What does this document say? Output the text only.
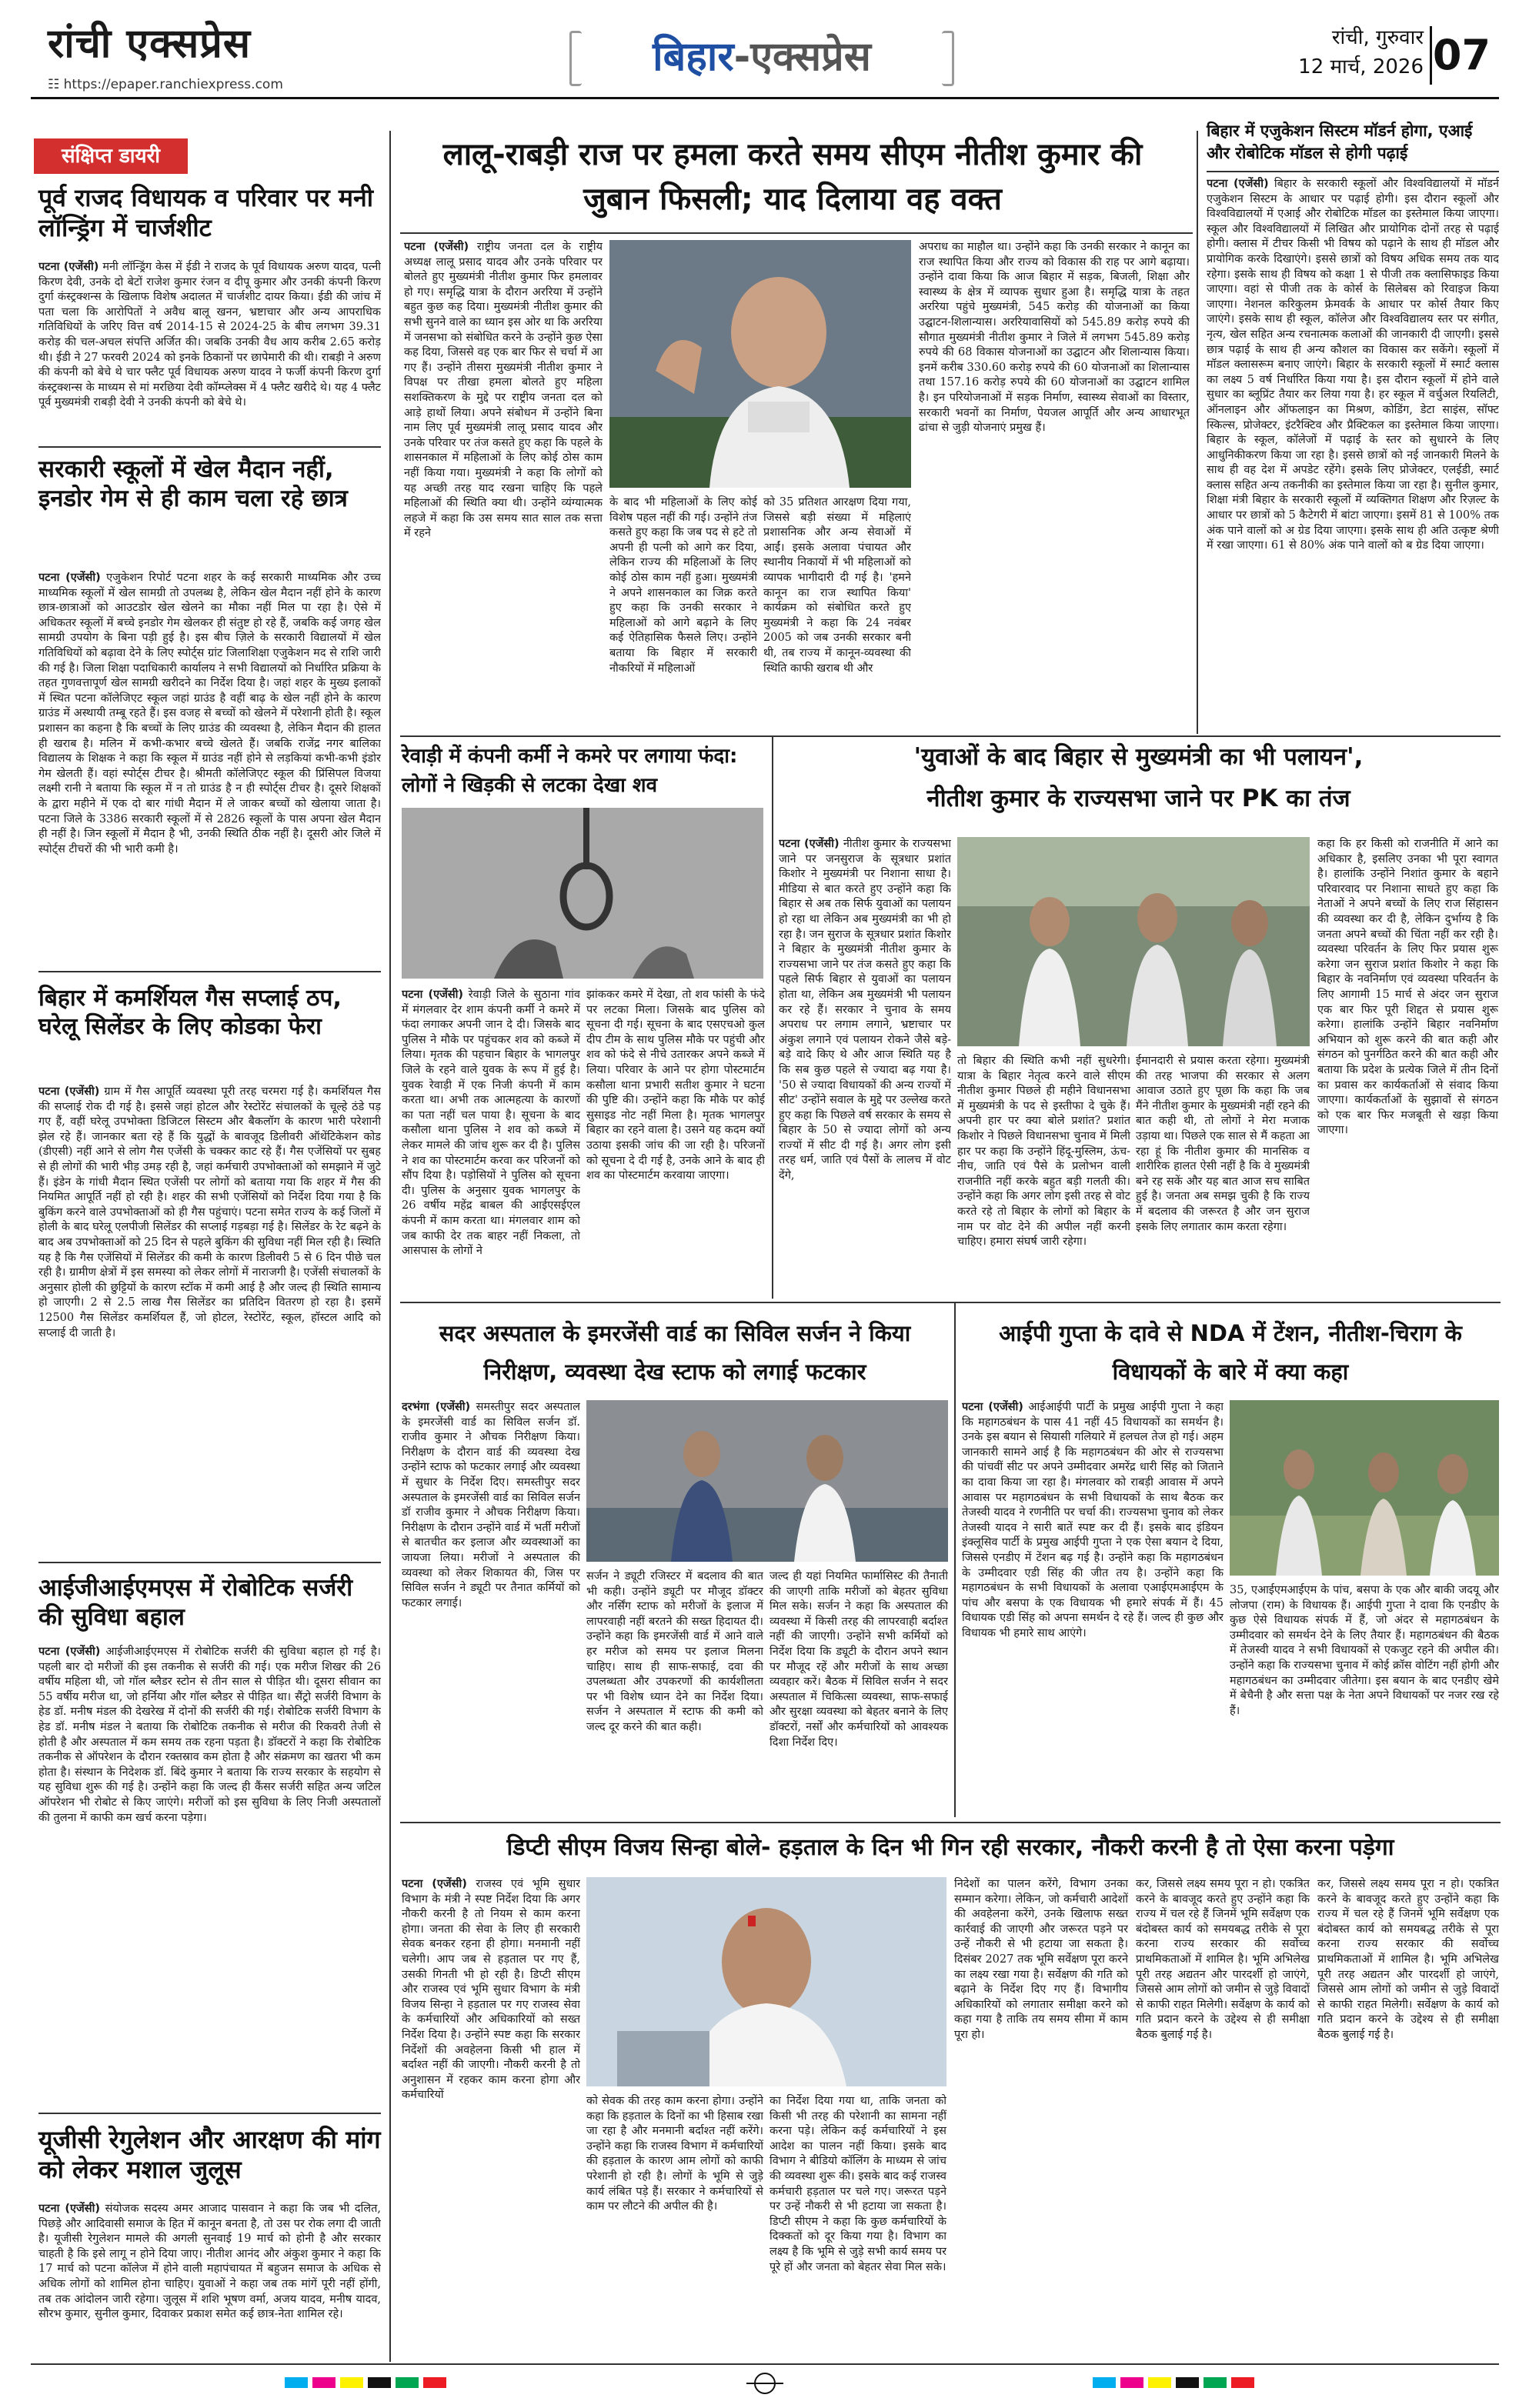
रांची एक्सप्रेस
☷ https://epaper.ranchiexpress.com
बिहार-एक्सप्रेस	रांची, गुरुवार
12 मार्च, 2026 07
संक्षिप्त डायरी
पूर्व राजद विधायक व परिवार पर मनी लॉन्ड्रिंग में चार्जशीट
पटना (एजेंसी) मनी लॉन्ड्रिंग केस में ईडी ने राजद के पूर्व विधायक अरुण यादव, पत्नी किरण देवी, उनके दो बेटों राजेश कुमार रंजन व दीपू कुमार और उनकी कंपनी किरण दुर्गा कंस्ट्रक्शन्स के खिलाफ विशेष अदालत में चार्जशीट दायर किया। ईडी की जांच में पता चला कि आरोपितों ने अवैध बालू खनन, भ्रष्टाचार और अन्य आपराधिक गतिविधियों के जरिए वित्त वर्ष 2014-15 से 2024-25 के बीच लगभग 39.31 करोड़ की चल-अचल संपत्ति अर्जित की। जबकि उनकी वैध आय करीब 2.65 करोड़ थी। ईडी ने 27 फरवरी 2024 को इनके ठिकानों पर छापेमारी की थी। राबड़ी ने अरुण की कंपनी को बेचे थे चार फ्लैट पूर्व विधायक अरुण यादव ने फर्जी कंपनी किरण दुर्गा कंस्ट्रक्शन्स के माध्यम से मां मरछिया देवी कॉम्प्लेक्स में 4 फ्लैट खरीदे थे। यह 4 फ्लैट पूर्व मुख्यमंत्री राबड़ी देवी ने उनकी कंपनी को बेचे थे।
सरकारी स्कूलों में खेल मैदान नहीं, इनडोर गेम से ही काम चला रहे छात्र
पटना (एजेंसी) एजुकेशन रिपोर्ट पटना शहर के कई सरकारी माध्यमिक और उच्च माध्यमिक स्कूलों में खेल सामग्री तो उपलब्ध है, लेकिन खेल मैदान नहीं होने के कारण छात्र-छात्राओं को आउटडोर खेल खेलने का मौका नहीं मिल पा रहा है। ऐसे में अधिकतर स्कूलों में बच्चे इनडोर गेम खेलकर ही संतुष्ट हो रहे हैं, जबकि कई जगह खेल सामग्री उपयोग के बिना पड़ी हुई है। इस बीच ज़िले के सरकारी विद्यालयों में खेल गतिविधियों को बढ़ावा देने के लिए स्पोर्ट्स ग्रांट जिलाशिक्षा एजुकेशन मद से राशि जारी की गई है। जिला शिक्षा पदाधिकारी कार्यालय ने सभी विद्यालयों को निर्धारित प्रक्रिया के तहत गुणवत्तापूर्ण खेल सामग्री खरीदने का निर्देश दिया है। जहां शहर के मुख्य इलाकों में स्थित पटना कॉलेजिएट स्कूल जहां ग्राउंड है वहीं बाढ़ के खेल नहीं होने के कारण ग्राउंड में अस्थायी तम्बू रहते हैं। इस वजह से बच्चों को खेलने में परेशानी होती है। स्कूल प्रशासन का कहना है कि बच्चों के लिए ग्राउंड की व्यवस्था है, लेकिन मैदान की हालत ही खराब है। मलिन में कभी-कभार बच्चे खेलते हैं। जबकि राजेंद्र नगर बालिका विद्यालय के शिक्षक ने कहा कि स्कूल में ग्राउंड नहीं होने से लड़कियां कभी-कभी इंडोर गेम खेलती हैं। वहां स्पोर्ट्स टीचर है। श्रीमती कॉलेजिएट स्कूल की प्रिंसिपल विजया लक्ष्मी रानी ने बताया कि स्कूल में न तो ग्राउंड है न ही स्पोर्ट्स टीचर है। दूसरे शिक्षकों के द्वारा महीने में एक दो बार गांधी मैदान में ले जाकर बच्चों को खेलाया जाता है। पटना जिले के 3386 सरकारी स्कूलों में से 2826 स्कूलों के पास अपना खेल मैदान ही नहीं है। जिन स्कूलों में मैदान है भी, उनकी स्थिति ठीक नहीं है। दूसरी ओर जिले में स्पोर्ट्स टीचरों की भी भारी कमी है।
बिहार में कमर्शियल गैस सप्लाई ठप, घरेलू सिलेंडर के लिए कोडका फेरा
पटना (एजेंसी) ग्राम में गैस आपूर्ति व्यवस्था पूरी तरह चरमरा गई है। कमर्शियल गैस की सप्लाई रोक दी गई है। इससे जहां होटल और रेस्टोरेंट संचालकों के चूल्हे ठंडे पड़ गए हैं, वहीं घरेलू उपभोक्ता डिजिटल सिस्टम और बैकलॉग के कारण भारी परेशानी झेल रहे हैं। जानकार बता रहे हैं कि युद्धों के बावजूद डिलीवरी ऑथेंटिकेशन कोड (डीएसी) नहीं आने से लोग गैस एजेंसी के चक्कर काट रहे हैं। गैस एजेंसियों पर सुबह से ही लोगों की भारी भीड़ उमड़ रही है, जहां कर्मचारी उपभोक्ताओं को समझाने में जुटे हैं। इंडेन के गांधी मैदान स्थित एजेंसी पर लोगों को बताया गया कि शहर में गैस की नियमित आपूर्ति नहीं हो रही है। शहर की सभी एजेंसियों को निर्देश दिया गया है कि बुकिंग करने वाले उपभोक्ताओं को ही गैस पहुंचाएं। पटना समेत राज्य के कई जिलों में होली के बाद घरेलू एलपीजी सिलेंडर की सप्लाई गड़बड़ा गई है। सिलेंडर के रेट बढ़ने के बाद अब उपभोक्ताओं को 25 दिन से पहले बुकिंग की सुविधा नहीं मिल रही है। स्थिति यह है कि गैस एजेंसियों में सिलेंडर की कमी के कारण डिलीवरी 5 से 6 दिन पीछे चल रही है। ग्रामीण क्षेत्रों में इस समस्या को लेकर लोगों में नाराजगी है। एजेंसी संचालकों के अनुसार होली की छुट्टियों के कारण स्टॉक में कमी आई है और जल्द ही स्थिति सामान्य हो जाएगी। 2 से 2.5 लाख गैस सिलेंडर का प्रतिदिन वितरण हो रहा है। इसमें 12500 गैस सिलेंडर कमर्शियल हैं, जो होटल, रेस्टोरेंट, स्कूल, हॉस्टल आदि को सप्लाई दी जाती है।
आईजीआईएमएस में रोबोटिक सर्जरी की सुविधा बहाल
पटना (एजेंसी) आईजीआईएमएस में रोबोटिक सर्जरी की सुविधा बहाल हो गई है। पहली बार दो मरीजों की इस तकनीक से सर्जरी की गई। एक मरीज शिखर की 26 वर्षीय महिला थी, जो गॉल ब्लैडर स्टोन से तीन साल से पीड़ित थी। दूसरा सीवान का 55 वर्षीय मरीज था, जो हर्निया और गॉल ब्लैडर से पीड़ित था। सैंट्रो सर्जरी विभाग के हेड डॉ. मनीष मंडल की देखरेख में दोनों की सर्जरी की गई। रोबोटिक सर्जरी विभाग के हेड डॉ. मनीष मंडल ने बताया कि रोबोटिक तकनीक से मरीज की रिकवरी तेजी से होती है और अस्पताल में कम समय तक रहना पड़ता है। डॉक्टरों ने कहा कि रोबोटिक तकनीक से ऑपरेशन के दौरान रक्तस्राव कम होता है और संक्रमण का खतरा भी कम होता है। संस्थान के निदेशक डॉ. बिंदे कुमार ने बताया कि राज्य सरकार के सहयोग से यह सुविधा शुरू की गई है। उन्होंने कहा कि जल्द ही कैंसर सर्जरी सहित अन्य जटिल ऑपरेशन भी रोबोट से किए जाएंगे। मरीजों को इस सुविधा के लिए निजी अस्पतालों की तुलना में काफी कम खर्च करना पड़ेगा।
यूजीसी रेगुलेशन और आरक्षण की मांग को लेकर मशाल जुलूस
पटना (एजेंसी) संयोजक सदस्य अमर आजाद पासवान ने कहा कि जब भी दलित, पिछड़े और आदिवासी समाज के हित में कानून बनता है, तो उस पर रोक लगा दी जाती है। यूजीसी रेगुलेशन मामले की अगली सुनवाई 19 मार्च को होनी है और सरकार चाहती है कि इसे लागू न होने दिया जाए। नीतीश आनंद और अंकुश कुमार ने कहा कि 17 मार्च को पटना कॉलेज में होने वाली महापंचायत में बहुजन समाज के अधिक से अधिक लोगों को शामिल होना चाहिए। युवाओं ने कहा जब तक मांगें पूरी नहीं होंगी, तब तक आंदोलन जारी रहेगा। जुलूस में शशि भूषण वर्मा, अजय यादव, मनीष यादव, सौरभ कुमार, सुनील कुमार, दिवाकर प्रकाश समेत कई छात्र-नेता शामिल रहे।
लालू-राबड़ी राज पर हमला करते समय सीएम नीतीश कुमार की जुबान फिसली; याद दिलाया वह वक्त
पटना (एजेंसी) राष्ट्रीय जनता दल के राष्ट्रीय अध्यक्ष लालू प्रसाद यादव और उनके परिवार पर बोलते हुए मुख्यमंत्री नीतीश कुमार फिर हमलावर हो गए। समृद्धि यात्रा के दौरान अररिया में उन्होंने बहुत कुछ कह दिया। मुख्यमंत्री नीतीश कुमार की सभी सुनने वाले का ध्यान इस ओर था कि अररिया में जनसभा को संबोधित करने के उन्होंने कुछ ऐसा कह दिया, जिससे वह एक बार फिर से चर्चा में आ गए हैं। उन्होंने तीसरा मुख्यमंत्री नीतीश कुमार ने विपक्ष पर तीखा हमला बोलते हुए महिला सशक्तिकरण के मुद्दे पर राष्ट्रीय जनता दल को आड़े हाथों लिया। अपने संबोधन में उन्होंने बिना नाम लिए पूर्व मुख्यमंत्री लालू प्रसाद यादव और उनके परिवार पर तंज कसते हुए कहा कि पहले के शासनकाल में महिलाओं के लिए कोई ठोस काम नहीं किया गया। मुख्यमंत्री ने कहा कि लोगों को यह अच्छी तरह याद रखना चाहिए कि पहले महिलाओं की स्थिति क्या थी। उन्होंने व्यंग्यात्मक लहजे में कहा कि उस समय सात साल तक सत्ता में रहने
के बाद भी महिलाओं के लिए कोई विशेष पहल नहीं की गई। उन्होंने तंज कसते हुए कहा कि जब पद से हटे तो अपनी ही पत्नी को आगे कर दिया, लेकिन राज्य की महिलाओं के लिए कोई ठोस काम नहीं हुआ। मुख्यमंत्री ने अपने शासनकाल का जिक्र करते हुए कहा कि उनकी सरकार ने महिलाओं को आगे बढ़ाने के लिए कई ऐतिहासिक फैसले लिए। उन्होंने बताया कि बिहार में सरकारी नौकरियों में महिलाओं
को 35 प्रतिशत आरक्षण दिया गया, जिससे बड़ी संख्या में महिलाएं प्रशासनिक और अन्य सेवाओं में आईं। इसके अलावा पंचायत और स्थानीय निकायों में भी महिलाओं को व्यापक भागीदारी दी गई है। 'हमने कानून का राज स्थापित किया' कार्यक्रम को संबोधित करते हुए मुख्यमंत्री ने कहा कि 24 नवंबर 2005 को जब उनकी सरकार बनी थी, तब राज्य में कानून-व्यवस्था की स्थिति काफी खराब थी और
अपराध का माहौल था। उन्होंने कहा कि उनकी सरकार ने कानून का राज स्थापित किया और राज्य को विकास की राह पर आगे बढ़ाया। उन्होंने दावा किया कि आज बिहार में सड़क, बिजली, शिक्षा और स्वास्थ्य के क्षेत्र में व्यापक सुधार हुआ है। समृद्धि यात्रा के तहत अररिया पहुंचे मुख्यमंत्री, 545 करोड़ की योजनाओं का किया उद्घाटन-शिलान्यास। अररियावासियों को 545.89 करोड़ रुपये की सौगात मुख्यमंत्री नीतीश कुमार ने जिले में लगभग 545.89 करोड़ रुपये की 68 विकास योजनाओं का उद्घाटन और शिलान्यास किया। इनमें करीब 330.60 करोड़ रुपये की 60 योजनाओं का शिलान्यास तथा 157.16 करोड़ रुपये की 60 योजनाओं का उद्घाटन शामिल है। इन परियोजनाओं में सड़क निर्माण, स्वास्थ्य सेवाओं का विस्तार, सरकारी भवनों का निर्माण, पेयजल आपूर्ति और अन्य आधारभूत ढांचा से जुड़ी योजनाएं प्रमुख हैं।
बिहार में एजुकेशन सिस्टम मॉडर्न होगा, एआई और रोबोटिक मॉडल से होगी पढ़ाई
पटना (एजेंसी) बिहार के सरकारी स्कूलों और विश्वविद्यालयों में मॉडर्न एजुकेशन सिस्टम के आधार पर पढ़ाई होगी। इस दौरान स्कूलों और विश्वविद्यालयों में एआई और रोबोटिक मॉडल का इस्तेमाल किया जाएगा। स्कूल और विश्वविद्यालयों में लिखित और प्रायोगिक दोनों तरह से पढ़ाई होगी। क्लास में टीचर किसी भी विषय को पढ़ाने के साथ ही मॉडल और प्रायोगिक करके दिखाएंगे। इससे छात्रों को विषय अधिक समय तक याद रहेगा। इसके साथ ही विषय को कक्षा 1 से पीजी तक क्लासिफाइड किया जाएगा। वहां से पीजी तक के कोर्स के सिलेबस को रिवाइज किया जाएगा। नेशनल करिकुलम फ्रेमवर्क के आधार पर कोर्स तैयार किए जाएंगे। इसके साथ ही स्कूल, कॉलेज और विश्वविद्यालय स्तर पर संगीत, नृत्य, खेल सहित अन्य रचनात्मक कलाओं की जानकारी दी जाएगी। इससे छात्र पढ़ाई के साथ ही अन्य कौशल का विकास कर सकेंगे। स्कूलों में मॉडल क्लासरूम बनाए जाएंगे। बिहार के सरकारी स्कूलों में स्मार्ट क्लास का लक्ष्य 5 वर्ष निर्धारित किया गया है। इस दौरान स्कूलों में होने वाले सुधार का ब्लूप्रिंट तैयार कर लिया गया है। हर स्कूल में वर्चुअल रियलिटी, ऑनलाइन और ऑफलाइन का मिश्रण, कोडिंग, डेटा साइंस, सॉफ्ट स्किल्स, प्रोजेक्टर, इंटरैक्टिव और प्रैक्टिकल का इस्तेमाल किया जाएगा। बिहार के स्कूल, कॉलेजों में पढ़ाई के स्तर को सुधारने के लिए आधुनिकीकरण किया जा रहा है। इससे छात्रों को नई जानकारी मिलने के साथ ही वह देश में अपडेट रहेंगे। इसके लिए प्रोजेक्टर, एलईडी, स्मार्ट क्लास सहित अन्य तकनीकी का इस्तेमाल किया जा रहा है। सुनील कुमार, शिक्षा मंत्री बिहार के सरकारी स्कूलों में व्यक्तिगत शिक्षण और रिज़ल्ट के आधार पर छात्रों को 5 कैटेगरी में बांटा जाएगा। इसमें 81 से 100% तक अंक पाने वालों को अ ग्रेड दिया जाएगा। इसके साथ ही अति उत्कृष्ट श्रेणी में रखा जाएगा। 61 से 80% अंक पाने वालों को ब ग्रेड दिया जाएगा।
रेवाड़ी में कंपनी कर्मी ने कमरे पर लगाया फंदा: लोगों ने खिड़की से लटका देखा शव
पटना (एजेंसी) रेवाड़ी जिले के सुठाना गांव में मंगलवार देर शाम कंपनी कर्मी ने कमरे में फंदा लगाकर अपनी जान दे दी। जिसके बाद पुलिस ने मौके पर पहुंचकर शव को कब्जे में लिया। मृतक की पहचान बिहार के भागलपुर जिले के रहने वाले युवक के रूप में हुई है। युवक रेवाड़ी में एक निजी कंपनी में काम करता था। अभी तक आत्महत्या के कारणों का पता नहीं चल पाया है। सूचना के बाद कसौला थाना पुलिस ने शव को कब्जे में लेकर मामले की जांच शुरू कर दी है। पुलिस ने शव का पोस्टमार्टम करवा कर परिजनों को सौंप दिया है। पड़ोसियों ने पुलिस को सूचना दी। पुलिस के अनुसार युवक भागलपुर के 26 वर्षीय महेंद्र बाबल की आईएसईएल कंपनी में काम करता था। मंगलवार शाम को जब काफी देर तक बाहर नहीं निकला, तो आसपास के लोगों ने
झांककर कमरे में देखा, तो शव फांसी के फंदे पर लटका मिला। जिसके बाद पुलिस को सूचना दी गई। सूचना के बाद एसएचओ कुल दीप टीम के साथ पुलिस मौके पर पहुंची और शव को फंदे से नीचे उतारकर अपने कब्जे में लिया। परिवार के आने पर होगा पोस्टमार्टम कसौला थाना प्रभारी सतीश कुमार ने घटना की पुष्टि की। उन्होंने कहा कि मौके पर कोई सुसाइड नोट नहीं मिला है। मृतक भागलपुर बिहार का रहने वाला है। उसने यह कदम क्यों उठाया इसकी जांच की जा रही है। परिजनों को सूचना दे दी गई है, उनके आने के बाद ही शव का पोस्टमार्टम करवाया जाएगा।
'युवाओं के बाद बिहार से मुख्यमंत्री का भी पलायन',
नीतीश कुमार के राज्यसभा जाने पर PK का तंज
पटना (एजेंसी) नीतीश कुमार के राज्यसभा जाने पर जनसुराज के सूत्रधार प्रशांत किशोर ने मुख्यमंत्री पर निशाना साधा है। मीडिया से बात करते हुए उन्होंने कहा कि बिहार से अब तक सिर्फ युवाओं का पलायन हो रहा था लेकिन अब मुख्यमंत्री का भी हो रहा है। जन सुराज के सूत्रधार प्रशांत किशोर ने बिहार के मुख्यमंत्री नीतीश कुमार के राज्यसभा जाने पर तंज कसते हुए कहा कि पहले सिर्फ बिहार से युवाओं का पलायन होता था, लेकिन अब मुख्यमंत्री भी पलायन कर रहे हैं। सरकार ने चुनाव के समय अपराध पर लगाम लगाने, भ्रष्टाचार पर अंकुश लगाने एवं पलायन रोकने जैसे बड़े-बड़े वादे किए थे और आज स्थिति यह है कि सब कुछ पहले से ज्यादा बढ़ गया है। '50 से ज्यादा विधायकों की अन्य राज्यों में सीट' उन्होंने सवाल के मुद्दे पर उल्लेख करते हुए कहा कि पिछले वर्ष सरकार के समय से बिहार के 50 से ज्यादा लोगों को अन्य राज्यों में सीट दी गई है। अगर लोग इसी तरह धर्म, जाति एवं पैसों के लालच में वोट देंगे,
तो बिहार की स्थिति कभी नहीं सुधरेगी। यात्रा के बिहार नेतृत्व करने वाले सीएम नीतीश कुमार पिछले ही महीने विधानसभा में मुख्यमंत्री के पद से इस्तीफा दे चुके हैं। अपनी हार पर क्या बोले प्रशांत? प्रशांत किशोर ने पिछले विधानसभा चुनाव में मिली हार पर कहा कि उन्होंने हिंदू-मुस्लिम, ऊंच-नीच, जाति एवं पैसे के प्रलोभन वाली राजनीति नहीं करके बहुत बड़ी गलती की। उन्होंने कहा कि अगर लोग इसी तरह से वोट करते रहे तो बिहार के लोगों को बिहार के नाम पर वोट देने की अपील नहीं करनी चाहिए। हमारा संघर्ष जारी रहेगा।
ईमानदारी से प्रयास करता रहेगा। मुख्यमंत्री की तरह भाजपा की सरकार से अलग आवाज उठाते हुए पूछा कि कहा कि जब मैंने नीतीश कुमार के मुख्यमंत्री नहीं रहने की बात कही थी, तो लोगों ने मेरा मजाक उड़ाया था। पिछले एक साल से मैं कहता आ रहा हूं कि नीतीश कुमार की मानसिक व शारीरिक हालत ऐसी नहीं है कि वे मुख्यमंत्री बने रह सकें और यह बात आज सच साबित हुई है। जनता अब समझ चुकी है कि राज्य में बदलाव की जरूरत है और जन सुराज इसके लिए लगातार काम करता रहेगा।
कहा कि हर किसी को राजनीति में आने का अधिकार है, इसलिए उनका भी पूरा स्वागत है। हालांकि उन्होंने निशांत कुमार के बहाने परिवारवाद पर निशाना साधते हुए कहा कि नेताओं ने अपने बच्चों के लिए राज सिंहासन की व्यवस्था कर दी है, लेकिन दुर्भाग्य है कि जनता अपने बच्चों की चिंता नहीं कर रही है। व्यवस्था परिवर्तन के लिए फिर प्रयास शुरू करेगा जन सुराज प्रशांत किशोर ने कहा कि बिहार के नवनिर्माण एवं व्यवस्था परिवर्तन के लिए आगामी 15 मार्च से अंदर जन सुराज एक बार फिर पूरी शिद्दत से प्रयास शुरू करेगा। हालांकि उन्होंने बिहार नवनिर्माण अभियान को शुरू करने की बात कही और संगठन को पुनर्गठित करने की बात कही और बताया कि प्रदेश के प्रत्येक जिले में तीन दिनों का प्रवास कर कार्यकर्ताओं से संवाद किया जाएगा। कार्यकर्ताओं के सुझावों से संगठन को एक बार फिर मजबूती से खड़ा किया जाएगा।
सदर अस्पताल के इमरजेंसी वार्ड का सिविल सर्जन ने किया निरीक्षण, व्यवस्था देख स्टाफ को लगाई फटकार
दरभंगा (एजेंसी) समस्तीपुर सदर अस्पताल के इमरजेंसी वार्ड का सिविल सर्जन डॉ. राजीव कुमार ने औचक निरीक्षण किया। निरीक्षण के दौरान वार्ड की व्यवस्था देख उन्होंने स्टाफ को फटकार लगाई और व्यवस्था में सुधार के निर्देश दिए। समस्तीपुर सदर अस्पताल के इमरजेंसी वार्ड का सिविल सर्जन डॉ राजीव कुमार ने औचक निरीक्षण किया। निरीक्षण के दौरान उन्होंने वार्ड में भर्ती मरीजों से बातचीत कर इलाज और व्यवस्थाओं का जायजा लिया। मरीजों ने अस्पताल की व्यवस्था को लेकर शिकायत की, जिस पर सिविल सर्जन ने ड्यूटी पर तैनात कर्मियों को फटकार लगाई।
सर्जन ने ड्यूटी रजिस्टर में बदलाव की बात भी कही। उन्होंने ड्यूटी पर मौजूद डॉक्टर और नर्सिंग स्टाफ को मरीजों के इलाज में लापरवाही नहीं बरतने की सख्त हिदायत दी। उन्होंने कहा कि इमरजेंसी वार्ड में आने वाले हर मरीज को समय पर इलाज मिलना चाहिए। साथ ही साफ-सफाई, दवा की उपलब्धता और उपकरणों की कार्यशीलता पर भी विशेष ध्यान देने का निर्देश दिया। सर्जन ने अस्पताल में स्टाफ की कमी को जल्द दूर करने की बात कही।
जल्द ही यहां नियमित फार्मासिस्ट की तैनाती की जाएगी ताकि मरीजों को बेहतर सुविधा मिल सके। सर्जन ने कहा कि अस्पताल की व्यवस्था में किसी तरह की लापरवाही बर्दाश्त नहीं की जाएगी। उन्होंने सभी कर्मियों को निर्देश दिया कि ड्यूटी के दौरान अपने स्थान पर मौजूद रहें और मरीजों के साथ अच्छा व्यवहार करें। बैठक में सिविल सर्जन ने सदर अस्पताल में चिकित्सा व्यवस्था, साफ-सफाई और सुरक्षा व्यवस्था को बेहतर बनाने के लिए डॉक्टरों, नर्सों और कर्मचारियों को आवश्यक दिशा निर्देश दिए।
आईपी गुप्ता के दावे से NDA में टेंशन, नीतीश-चिराग के विधायकों के बारे में क्या कहा
पटना (एजेंसी) आईआईपी पार्टी के प्रमुख आईपी गुप्ता ने कहा कि महागठबंधन के पास 41 नहीं 45 विधायकों का समर्थन है। उनके इस बयान से सियासी गलियारे में हलचल तेज हो गई। अहम जानकारी सामने आई है कि महागठबंधन की ओर से राज्यसभा की पांचवीं सीट पर अपने उम्मीदवार अमरेंद्र धारी सिंह को जिताने का दावा किया जा रहा है। मंगलवार को राबड़ी आवास में अपने आवास पर महागठबंधन के सभी विधायकों के साथ बैठक कर तेजस्वी यादव ने रणनीति पर चर्चा की। राज्यसभा चुनाव को लेकर तेजस्वी यादव ने सारी बातें स्पष्ट कर दी हैं। इसके बाद इंडियन इंक्लूसिव पार्टी के प्रमुख आईपी गुप्ता ने एक ऐसा बयान दे दिया, जिससे एनडीए में टेंशन बढ़ गई है। उन्होंने कहा कि महागठबंधन के उम्मीदवार एडी सिंह की जीत तय है। उन्होंने कहा कि महागठबंधन के सभी विधायकों के अलावा एआईएमआईएम के पांच और बसपा के एक विधायक भी हमारे संपर्क में हैं। 45 विधायक एडी सिंह को अपना समर्थन दे रहे हैं। जल्द ही कुछ और विधायक भी हमारे साथ आएंगे।
35, एआईएमआईएम के पांच, बसपा के एक और बाकी जदयू और लोजपा (राम) के विधायक हैं। आईपी गुप्ता ने दावा कि एनडीए के कुछ ऐसे विधायक संपर्क में हैं, जो अंदर से महागठबंधन के उम्मीदवार को समर्थन देने के लिए तैयार हैं। महागठबंधन की बैठक में तेजस्वी यादव ने सभी विधायकों से एकजुट रहने की अपील की। उन्होंने कहा कि राज्यसभा चुनाव में कोई क्रॉस वोटिंग नहीं होगी और महागठबंधन का उम्मीदवार जीतेगा। इस बयान के बाद एनडीए खेमे में बेचैनी है और सत्ता पक्ष के नेता अपने विधायकों पर नजर रख रहे हैं।
डिप्टी सीएम विजय सिन्हा बोले- हड़ताल के दिन भी गिन रही सरकार, नौकरी करनी है तो ऐसा करना पड़ेगा
पटना (एजेंसी) राजस्व एवं भूमि सुधार विभाग के मंत्री ने स्पष्ट निर्देश दिया कि अगर नौकरी करनी है तो नियम से काम करना होगा। जनता की सेवा के लिए ही सरकारी सेवक बनकर रहना ही होगा। मनमानी नहीं चलेगी। आप जब से हड़ताल पर गए हैं, उसकी गिनती भी हो रही है। डिप्टी सीएम और राजस्व एवं भूमि सुधार विभाग के मंत्री विजय सिन्हा ने हड़ताल पर गए राजस्व सेवा के कर्मचारियों और अधिकारियों को सख्त निर्देश दिया है। उन्होंने स्पष्ट कहा कि सरकार निर्देशों की अवहेलना किसी भी हाल में बर्दाश्त नहीं की जाएगी। नौकरी करनी है तो अनुशासन में रहकर काम करना होगा और कर्मचारियों	को सेवक की तरह काम करना होगा। उन्होंने कहा कि हड़ताल के दिनों का भी हिसाब रखा जा रहा है और मनमानी बर्दाश्त नहीं करेंगे। उन्होंने कहा कि राजस्व विभाग में कर्मचारियों की हड़ताल के कारण आम लोगों को काफी परेशानी हो रही है। लोगों के भूमि से जुड़े कार्य लंबित पड़े हैं। सरकार ने कर्मचारियों से काम पर लौटने की अपील की है।
का निर्देश दिया गया था, ताकि जनता को किसी भी तरह की परेशानी का सामना नहीं करना पड़े। लेकिन कई कर्मचारियों ने इस आदेश का पालन नहीं किया। इसके बाद विभाग ने बीडियो कॉलिंग के माध्यम से जांच की व्यवस्था शुरू की। इसके बाद कई राजस्व कर्मचारी हड़ताल पर चले गए। जरूरत पड़ने पर उन्हें नौकरी से भी हटाया जा सकता है। डिप्टी सीएम ने कहा कि कुछ कर्मचारियों के दिक्कतों को दूर किया गया है। विभाग का लक्ष्य है कि भूमि से जुड़े सभी कार्य समय पर पूरे हों और जनता को बेहतर सेवा मिल सके।
निदेशों का पालन करेंगे, विभाग उनका सम्मान करेगा। लेकिन, जो कर्मचारी आदेशों की अवहेलना करेंगे, उनके खिलाफ सख्त कार्रवाई की जाएगी और जरूरत पड़ने पर उन्हें नौकरी से भी हटाया जा सकता है। दिसंबर 2027 तक भूमि सर्वेक्षण पूरा करने का लक्ष्य रखा गया है। सर्वेक्षण की गति को बढ़ाने के निर्देश दिए गए हैं। विभागीय अधिकारियों को लगातार समीक्षा करने को कहा गया है ताकि तय समय सीमा में काम पूरा हो।
कर, जिससे लक्ष्य समय पूरा न हो। एकत्रित करने के बावजूद करते हुए उन्होंने कहा कि राज्य में चल रहे हैं जिनमें भूमि सर्वेक्षण एक बंदोबस्त कार्य को समयबद्ध तरीके से पूरा करना राज्य सरकार की सर्वोच्च प्राथमिकताओं में शामिल है। भूमि अभिलेख पूरी तरह अद्यतन और पारदर्शी हो जाएंगे, जिससे आम लोगों को जमीन से जुड़े विवादों से काफी राहत मिलेगी। सर्वेक्षण के कार्य को गति प्रदान करने के उद्देश्य से ही समीक्षा बैठक बुलाई गई है।
कर, जिससे लक्ष्य समय पूरा न हो। एकत्रित करने के बावजूद करते हुए उन्होंने कहा कि राज्य में चल रहे हैं जिनमें भूमि सर्वेक्षण एक बंदोबस्त कार्य को समयबद्ध तरीके से पूरा करना राज्य सरकार की सर्वोच्च प्राथमिकताओं में शामिल है। भूमि अभिलेख पूरी तरह अद्यतन और पारदर्शी हो जाएंगे, जिससे आम लोगों को जमीन से जुड़े विवादों से काफी राहत मिलेगी। सर्वेक्षण के कार्य को गति प्रदान करने के उद्देश्य से ही समीक्षा बैठक बुलाई गई है।
